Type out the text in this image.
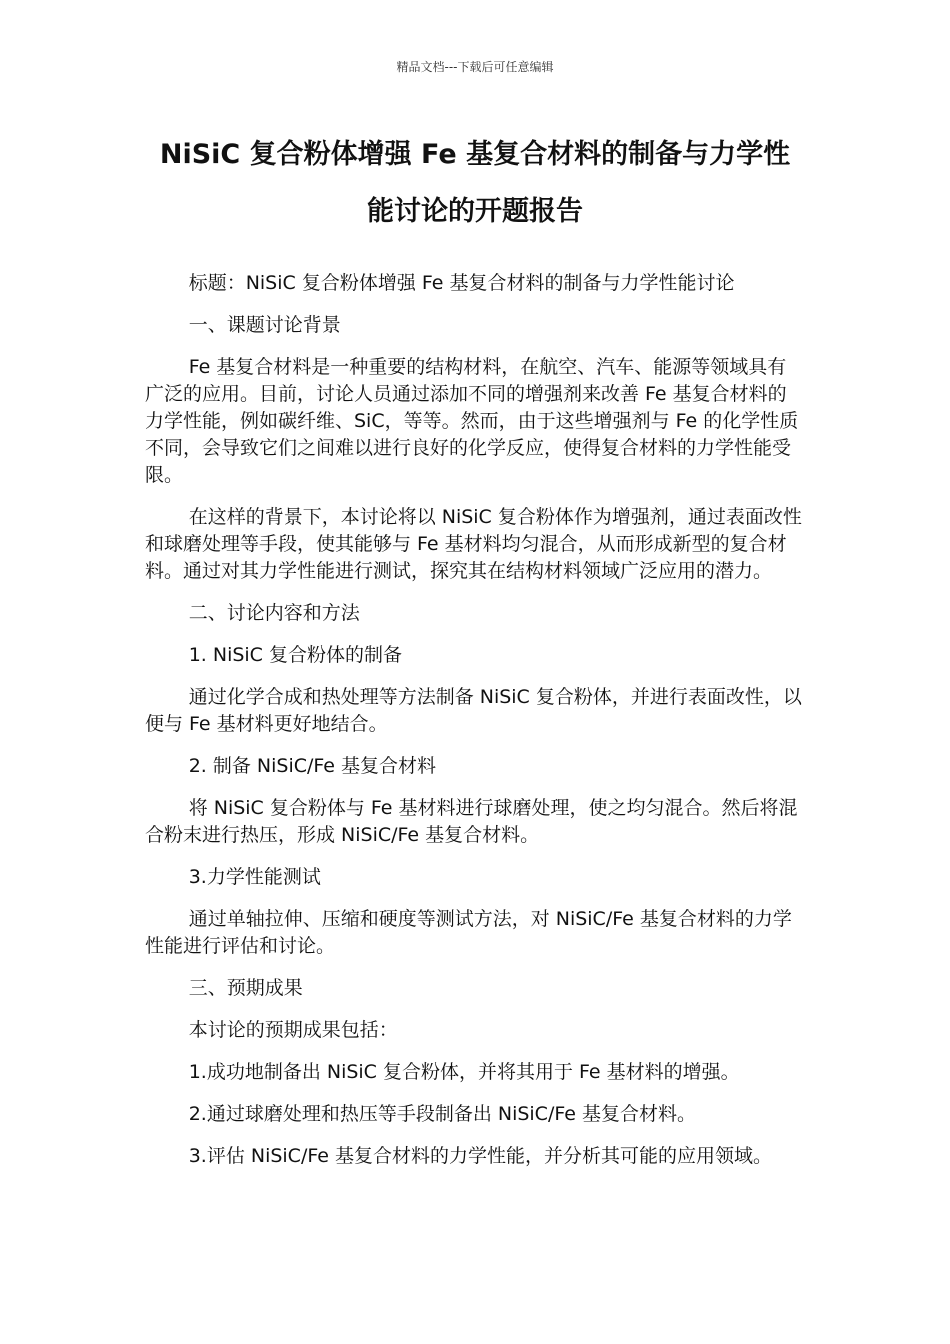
精品文档---下载后可任意编辑
NiSiC 复合粉体增强 Fe 基复合材料的制备与力学性
能讨论的开题报告

标题：NiSiC 复合粉体增强 Fe 基复合材料的制备与力学性能讨论

一、课题讨论背景

Fe 基复合材料是一种重要的结构材料，在航空、汽车、能源等领域具有广泛的应用。目前，讨论人员通过添加不同的增强剂来改善 Fe 基复合材料的力学性能，例如碳纤维、SiC，等等。然而，由于这些增强剂与 Fe 的化学性质不同，会导致它们之间难以进行良好的化学反应，使得复合材料的力学性能受限。

在这样的背景下，本讨论将以 NiSiC 复合粉体作为增强剂，通过表面改性和球磨处理等手段，使其能够与 Fe 基材料均匀混合，从而形成新型的复合材料。通过对其力学性能进行测试，探究其在结构材料领域广泛应用的潜力。

二、讨论内容和方法

1. NiSiC 复合粉体的制备

通过化学合成和热处理等方法制备 NiSiC 复合粉体，并进行表面改性，以便与 Fe 基材料更好地结合。

2. 制备 NiSiC/Fe 基复合材料

将 NiSiC 复合粉体与 Fe 基材料进行球磨处理，使之均匀混合。然后将混合粉末进行热压，形成 NiSiC/Fe 基复合材料。

3.力学性能测试

通过单轴拉伸、压缩和硬度等测试方法，对 NiSiC/Fe 基复合材料的力学性能进行评估和讨论。

三、预期成果

本讨论的预期成果包括：

1.成功地制备出 NiSiC 复合粉体，并将其用于 Fe 基材料的增强。

2.通过球磨处理和热压等手段制备出 NiSiC/Fe 基复合材料。

3.评估 NiSiC/Fe 基复合材料的力学性能，并分析其可能的应用领域。
